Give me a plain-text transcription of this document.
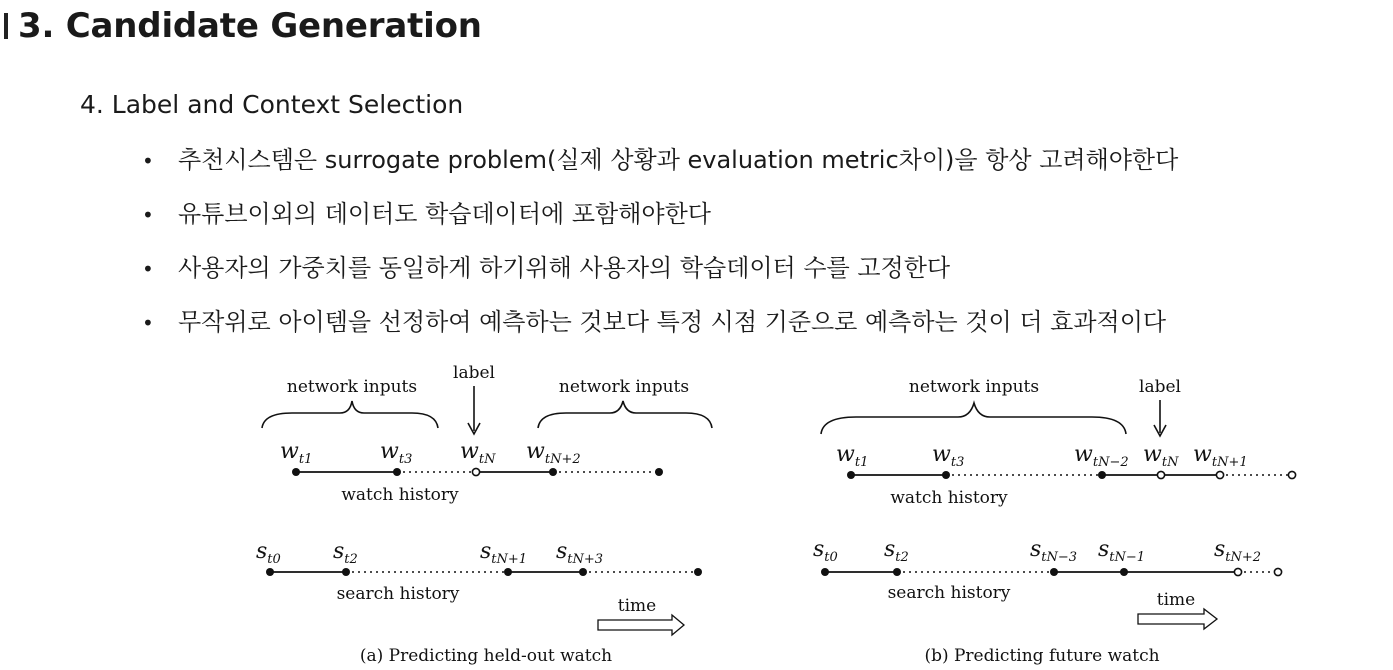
3. Candidate Generation
4. Label and Context Selection
•	추천시스템은 surrogate problem(실제 상황과 evaluation metric차이)을 항상 고려해야한다
•	유튜브이외의 데이터도 학습데이터에 포함해야한다
•	사용자의 가중치를 동일하게 하기위해 사용자의 학습데이터 수를 고정한다
•	무작위로 아이템을 선정하여 예측하는 것보다 특정 시점 기준으로 예측하는 것이 더 효과적이다
network inputs	network inputs
label
$w_{t1}$	$w_{t3}$ $w_{tN}$ $w_{tN+2}$
watch history
$s_{t0}$ $s_{t2}$	$s_{tN+1}$ $s_{tN+3}$
search history
time
(a) Predicting held-out watch
network inputs	label
$w_{t1}$	$w_{t3}$	$w_{tN-2}$ $w_{tN}$ $w_{tN+1}$
watch history
$s_{t0}$ $s_{t2}$	$s_{tN-3}$ $s_{tN-1}$	$s_{tN+2}$
search history	time
(b) Predicting future watch
